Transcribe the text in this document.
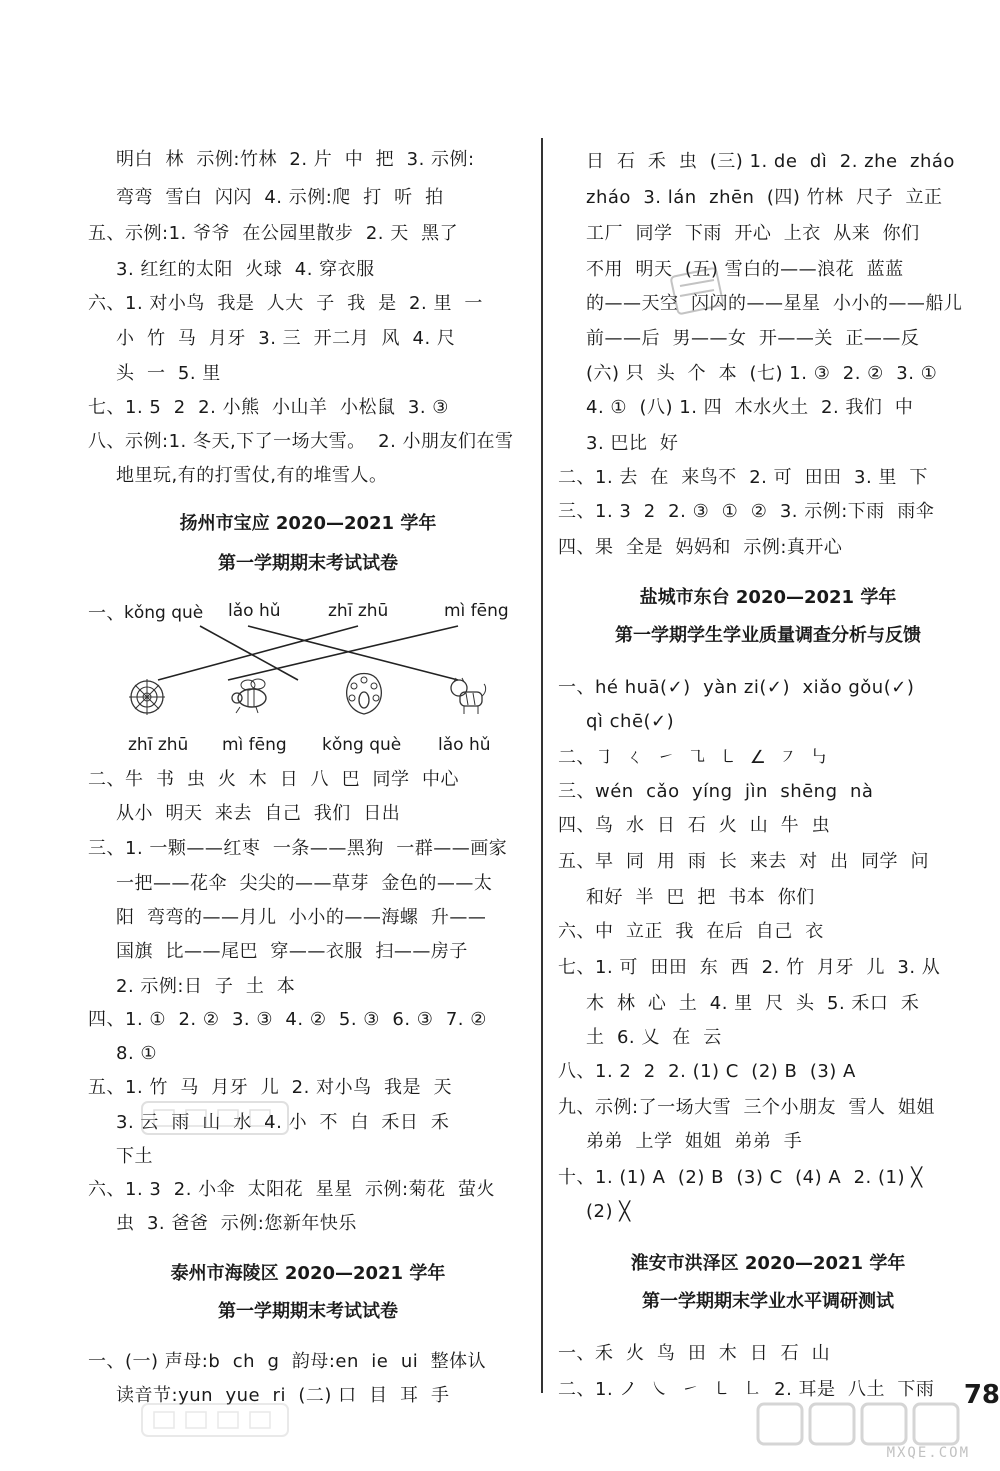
明白  林  示例:竹林  2. 片  中  把  3. 示例:
弯弯  雪白  闪闪  4. 示例:爬  打  听  拍
五、示例:1. 爷爷  在公园里散步  2. 天  黑了
3. 红红的太阳  火球  4. 穿衣服
六、1. 对小鸟  我是  人大  子  我  是  2. 里  一
小  竹  马  月牙  3. 三  开二月  风  4. 尺
头  一  5. 里
七、1. 5  2  2. 小熊  小山羊  小松鼠  3. ③
八、示例:1. 冬天,下了一场大雪。  2. 小朋友们在雪
地里玩,有的打雪仗,有的堆雪人。
扬州市宝应 2020—2021 学年
第一学期期末考试试卷
一、 kǒng què lǎo hǔ	zhī zhū	mì fēng
zhī zhū mì fēng kǒng què lǎo hǔ
二、牛  书  虫  火  木  日  八  巴  同学  中心
从小  明天  来去  自己  我们  日出
三、1. 一颗——红枣  一条——黑狗  一群——画家
一把——花伞  尖尖的——草芽  金色的——太
阳  弯弯的——月儿  小小的——海螺  升——
国旗  比——尾巴  穿——衣服  扫——房子
2. 示例:日  子  土  本
四、1. ①  2. ②  3. ③  4. ②  5. ③  6. ③  7. ②
8. ①
五、1. 竹  马  月牙  儿  2. 对小鸟  我是  天
3. 云  雨  山  水  4. 小  不  白  禾日  禾
下土
六、1. 3  2. 小伞  太阳花  星星  示例:菊花  萤火
虫  3. 爸爸  示例:您新年快乐
泰州市海陵区 2020—2021 学年
第一学期期末考试试卷
一、(一) 声母:b  ch  g  韵母:en  ie  ui  整体认
读音节:yun  yue  ri  (二) 口  目  耳  手
日  石  禾  虫  (三) 1. de  dì  2. zhe  zháo
zháo  3. lán  zhēn  (四) 竹林  尺子  立正
工厂  同学  下雨  开心  上衣  从来  你们
不用  明天  (五) 雪白的——浪花  蓝蓝
的——天空  闪闪的——星星  小小的——船儿
前——后  男——女  开——关  正——反
(六) 只  头  个  本  (七) 1. ③  2. ②  3. ①
4. ①  (八) 1. 四  木水火土  2. 我们  中
3. 巴比  好
二、1. 去  在  来鸟不  2. 可  田田  3. 里  下
三、1. 3  2  2. ③  ①  ②  3. 示例:下雨  雨伞
四、果  全是  妈妈和  示例:真开心
盐城市东台 2020—2021 学年
第一学期学生学业质量调查分析与反馈
一、hé huā(✓)  yàn zi(✓)  xiǎo gǒu(✓)
qì chē(✓)
二、㇆  ㄑ  ㇀  ㇈  ㇄  ∠  ㇇  ㇉
三、wén  cǎo  yíng  jìn  shēng  nà
四、鸟  水  日  石  火  山  牛  虫
五、早  同  用  雨  长  来去  对  出  同学  问
和好  半  巴  把  书本  你们
六、中  立正  我  在后  自己  衣
七、1. 可  田田  东  西  2. 竹  月牙  儿  3. 从
木  林  心  土  4. 里  尺  头  5. 禾口  禾
土  6. 乂  在  云
八、1. 2  2  2. (1) C  (2) B  (3) A
九、示例:了一场大雪  三个小朋友  雪人  姐姐
弟弟  上学  姐姐  弟弟  手
十、1. (1) A  (2) B  (3) C  (4) A  2. (1) ╳
(2) ╳
淮安市洪泽区 2020—2021 学年
第一学期期末学业水平调研测试
一、禾  火  鸟  田  木  日  石  山
二、1. ノ  ㇏  ㇀  ㇄  ㇗  2. 耳是  八土  下雨 78
MXQE.COM
